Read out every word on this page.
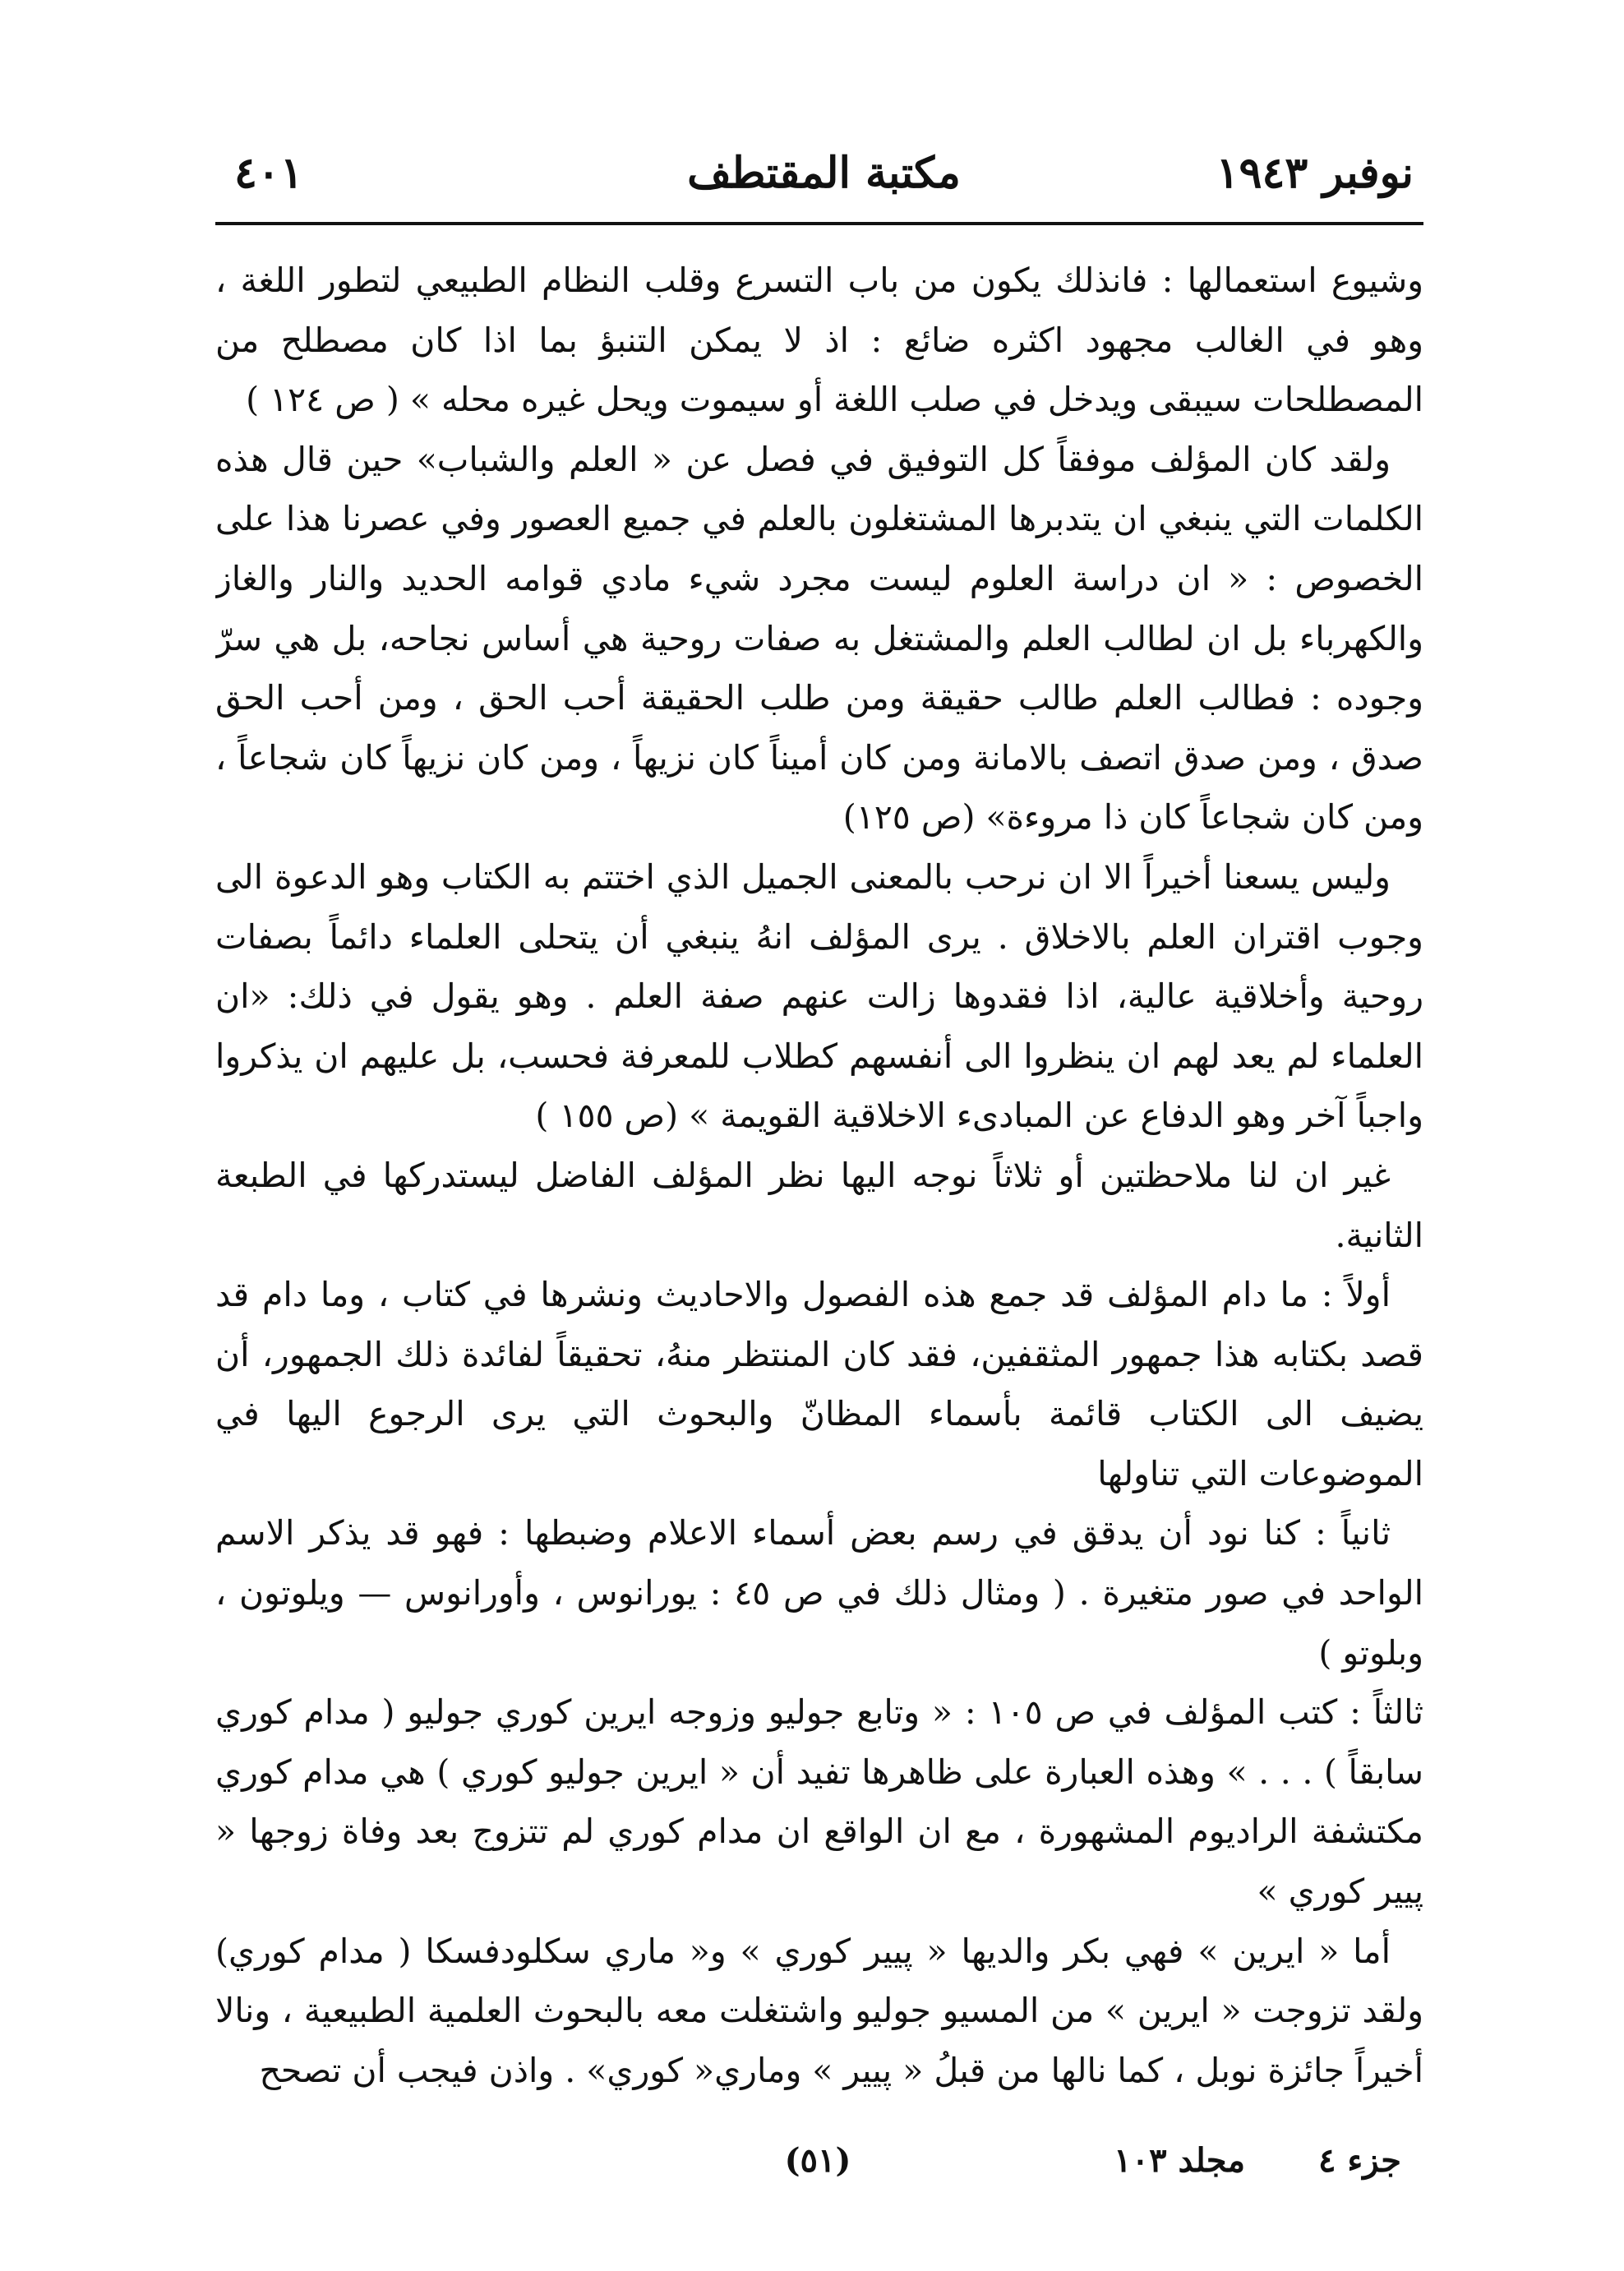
نوفبر ١٩٤٣
مكتبة المقتطف
٤٠١

وشيوع استعمالها : فانذلك يكون من باب التسرع وقلب النظام الطبيعي لتطور اللغة ، وهو في الغالب مجهود اكثره ضائع : اذ لا يمكن التنبؤ بما اذا كان مصطلح من المصطلحات سيبقى ويدخل في صلب اللغة أو سيموت ويحل غيره محله » ( ص ١٢٤ )

ولقد كان المؤلف موفقاً كل التوفيق في فصل عن « العلم والشباب» حين قال هذه الكلمات التي ينبغي ان يتدبرها المشتغلون بالعلم في جميع العصور وفي عصرنا هذا على الخصوص : « ان دراسة العلوم ليست مجرد شيء مادي قوامه الحديد والنار والغاز والكهرباء بل ان لطالب العلم والمشتغل به صفات روحية هي أساس نجاحه، بل هي سرّ وجوده : فطالب العلم طالب حقيقة ومن طلب الحقيقة أحب الحق ، ومن أحب الحق صدق ، ومن صدق اتصف بالامانة ومن كان أميناً كان نزيهاً ، ومن كان نزيهاً كان شجاعاً ، ومن كان شجاعاً كان ذا مروءة» (ص ١٢٥)

وليس يسعنا أخيراً الا ان نرحب بالمعنى الجميل الذي اختتم به الكتاب وهو الدعوة الى وجوب اقتران العلم بالاخلاق . يرى المؤلف انهُ ينبغي أن يتحلى العلماء دائماً بصفات روحية وأخلاقية عالية، اذا فقدوها زالت عنهم صفة العلم . وهو يقول في ذلك: «ان العلماء لم يعد لهم ان ينظروا الى أنفسهم كطلاب للمعرفة فحسب، بل عليهم ان يذكروا واجباً آخر وهو الدفاع عن المبادىء الاخلاقية القويمة » (ص ١٥٥ )

غير ان لنا ملاحظتين أو ثلاثاً نوجه اليها نظر المؤلف الفاضل ليستدركها في الطبعة الثانية.

أولاً : ما دام المؤلف قد جمع هذه الفصول والاحاديث ونشرها في كتاب ، وما دام قد قصد بكتابه هذا جمهور المثقفين، فقد كان المنتظر منهُ، تحقيقاً لفائدة ذلك الجمهور، أن يضيف الى الكتاب قائمة بأسماء المظانّ والبحوث التي يرى الرجوع اليها في الموضوعات التي تناولها

ثانياً : كنا نود أن يدقق في رسم بعض أسماء الاعلام وضبطها : فهو قد يذكر الاسم الواحد في صور متغيرة . ( ومثال ذلك في ص ٤٥ : يورانوس ، وأورانوس — ويلوتون ، وبلوتو )

ثالثاً : كتب المؤلف في ص ١٠٥ : « وتابع جوليو وزوجه ايرين كوري جوليو ( مدام كوري سابقاً ) . . . » وهذه العبارة على ظاهرها تفيد أن « ايرين جوليو كوري ) هي مدام كوري مكتشفة الراديوم المشهورة ، مع ان الواقع ان مدام كوري لم تتزوج بعد وفاة زوجها « پيير كوري »

أما « ايرين » فهي بكر والديها « پيير كوري » و« ماري سكلودفسكا ( مدام كوري) ولقد تزوجت « ايرين » من المسيو جوليو واشتغلت معه بالبحوث العلمية الطبيعية ، ونالا أخيراً جائزة نوبل ، كما نالها من قبلُ « پيير » وماري« كوري» . واذن فيجب أن تصحح

جزء ٤
مجلد ١٠٣
(٥١)
